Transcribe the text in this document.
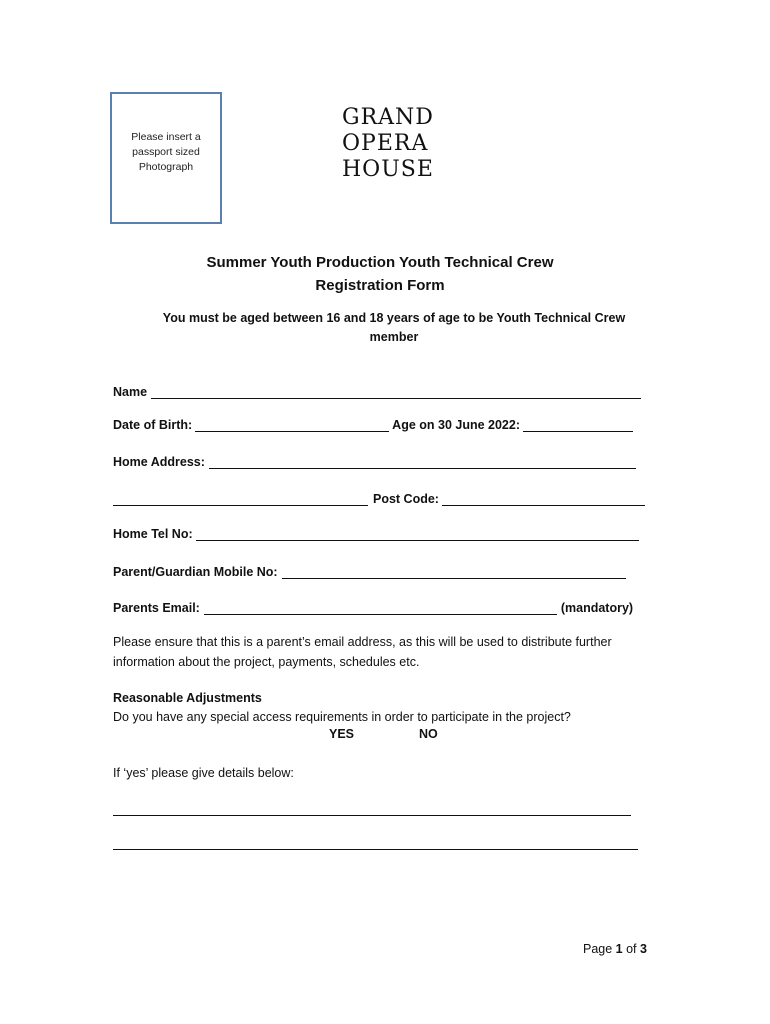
Please insert a passport sized Photograph
GRAND
OPERA
HOUSE
Summer Youth Production Youth Technical Crew
Registration Form
You must be aged between 16 and 18 years of age to be Youth Technical Crew member
Name
Date of Birth:	Age on 30 June 2022:
Home Address:
Post Code:
Home Tel No:
Parent/Guardian Mobile No:
Parents Email:	(mandatory)
Please ensure that this is a parent’s email address, as this will be used to distribute further information about the project, payments, schedules etc.
Reasonable Adjustments
Do you have any special access requirements in order to participate in the project?
YES	NO
If ‘yes’ please give details below:
Page 1 of 3
